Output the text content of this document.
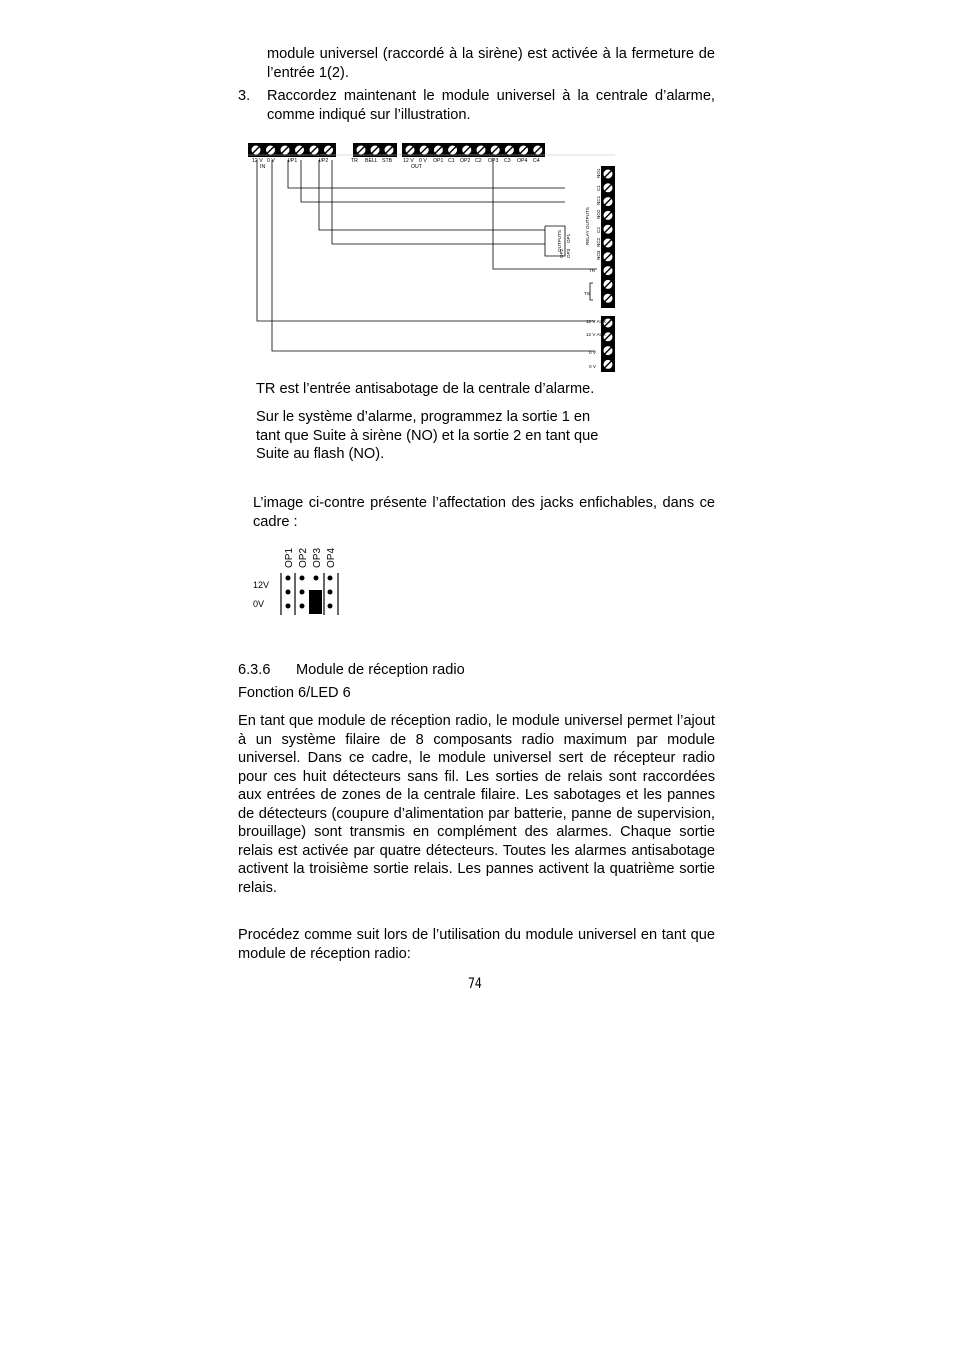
module universel (raccordé à la sirène) est activée à la fermeture de l’entrée 1(2).

3. Raccordez maintenant le module universel à la centrale d’alarme, comme indiqué sur l’illustration.

12 V 0 V
IN
I/P1	I/P2	TR BELL STB 12 V 0 V OP1 C1 OP2 C2 OP3 C3 OP4 C4
OUT
NO1
C1
NC1
NO2
C2
NC2
NO3
RELAY OUTPUTS
OUTPUTS OP1
OP2 OP3
TR
TS
12 V AUX
12 V AUX
0 V
0 V

TR est l’entrée antisabotage de la centrale d’alarme.

Sur le système d’alarme, programmez la sortie 1 en
tant que Suite à sirène (NO) et la sortie 2 en tant que
Suite au flash (NO).

L’image ci-contre présente l’affectation des jacks enfichables, dans ce cadre :

OP1 OP2 OP3 OP4
12V
0V
6.3.6 Module de réception radio
Fonction 6/LED 6

En tant que module de réception radio, le module universel permet l’ajout à un système filaire de 8 composants radio maximum par module universel. Dans ce cadre, le module universel sert de récepteur radio pour ces huit détecteurs sans fil. Les sorties de relais sont raccordées aux entrées de zones de la centrale filaire. Les sabotages et les pannes de détecteurs (coupure d’alimentation par batterie, panne de supervision, brouillage) sont transmis en complément des alarmes. Chaque sortie relais est activée par quatre détecteurs. Toutes les alarmes antisabotage activent la troisième sortie relais. Les pannes activent la quatrième sortie relais.

Procédez comme suit lors de l’utilisation du module universel en tant que module de réception radio:

74
